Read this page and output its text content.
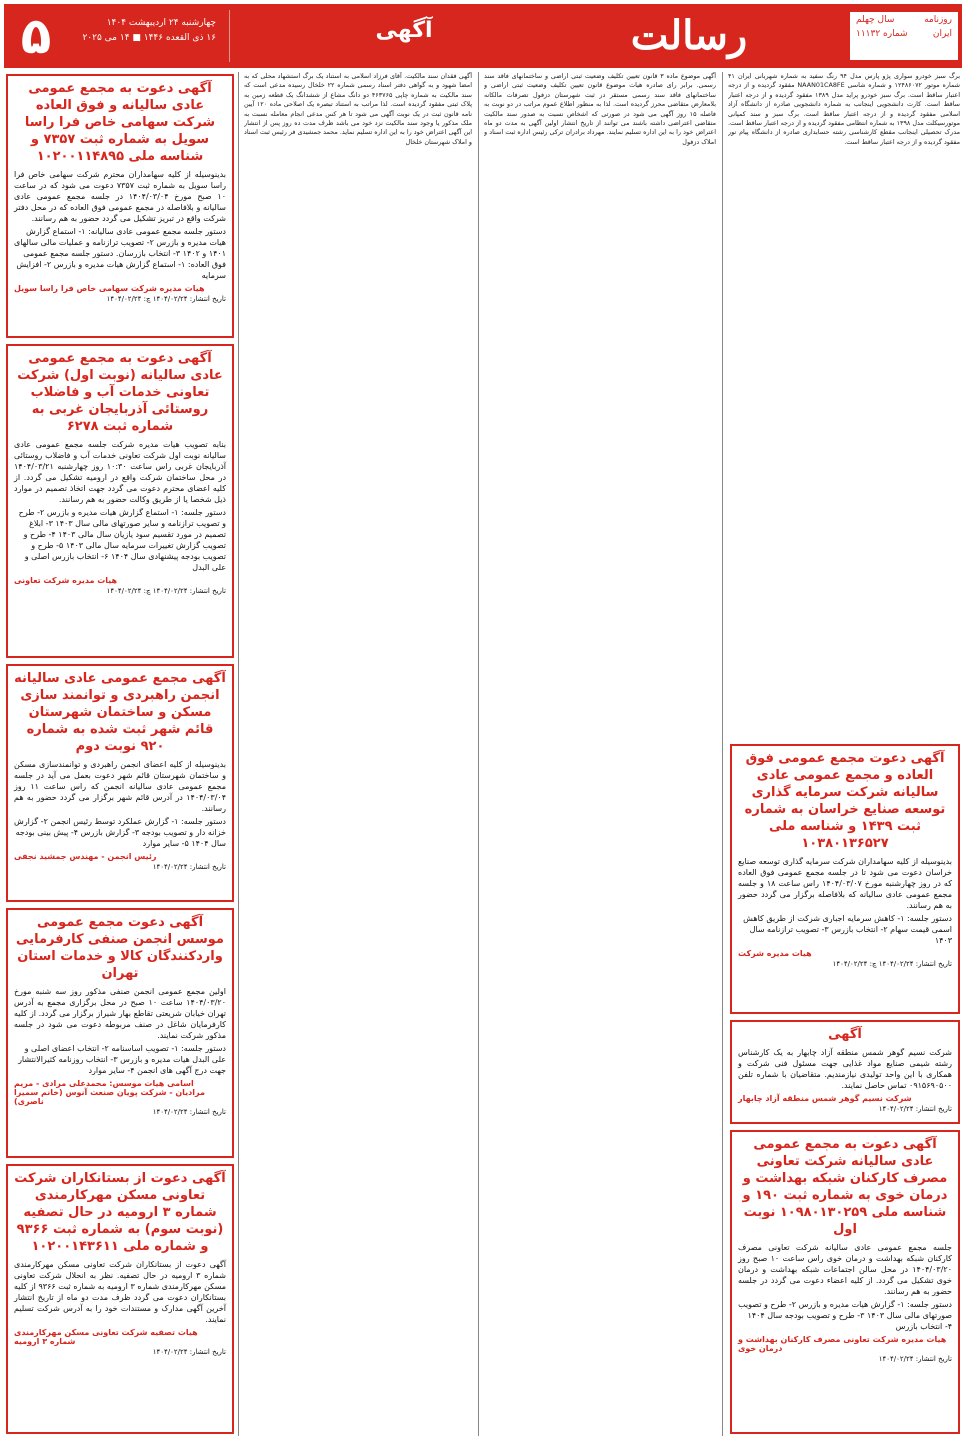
۵	چهارشنبه ۲۴ اردیبهشت ۱۴۰۴
۱۶ ذی القعده ۱۴۴۶ ■ ۱۴ می ۲۰۲۵	آگهی	رسالت	روزنامه
سال چهلم
ایران
شماره ۱۱۱۳۲
آگهی دعوت به مجمع عمومی عادی سالیانه و فوق العاده شرکت سهامی خاص فرا راسا سویل به شماره ثبت ۷۳۵۷ و شناسه ملی ۱۰۲۰۰۱۱۴۸۹۵
بدینوسیله از کلیه سهامداران محترم شرکت سهامی خاص فرا راسا سویل به شماره ثبت ۷۳۵۷ دعوت می شود که در ساعت ۱۰ صبح مورخ ۱۴۰۴/۰۳/۰۴ در جلسه مجمع عمومی عادی سالیانه و بلافاصله در مجمع عمومی فوق العاده که در محل دفتر شرکت واقع در تبریز تشکیل می گردد حضور به هم رسانند.
دستور جلسه مجمع عمومی عادی سالیانه: ۱- استماع گزارش هیات مدیره و بازرس ۲- تصویب ترازنامه و عملیات مالی سالهای ۱۴۰۱ و ۱۴۰۲ ۳- انتخاب بازرسان. دستور جلسه مجمع عمومی فوق العاده: ۱- استماع گزارش هیات مدیره و بازرس ۲- افزایش سرمایه
هیات مدیره شرکت سهامی خاص فرا راسا سویل
تاریخ انتشار: ۱۴۰۴/۰۲/۲۴ چ: ۱۴۰۴/۰۲/۲۴
آگهی دعوت به مجمع عمومی عادی سالیانه (نوبت اول) شرکت تعاونی خدمات آب و فاضلاب روستائی آذربایجان غربی به شماره ثبت ۶۲۷۸
بنابه تصویب هیات مدیره شرکت جلسه مجمع عمومی عادی سالیانه نوبت اول شرکت تعاونی خدمات آب و فاضلاب روستائی آذربایجان غربی راس ساعت ۱۰:۳۰ روز چهارشنبه ۱۴۰۴/۰۳/۲۱ در محل ساختمان شرکت واقع در ارومیه تشکیل می گردد. از کلیه اعضای محترم دعوت می گردد جهت اتخاذ تصمیم در موارد ذیل شخصا یا از طریق وکالت حضور به هم رسانند.
دستور جلسه: ۱- استماع گزارش هیات مدیره و بازرس ۲- طرح و تصویب ترازنامه و سایر صورتهای مالی سال ۱۴۰۳ ۳- ابلاغ تصمیم در مورد تقسیم سود یازیان سال مالی ۱۴۰۳ ۴- طرح و تصویب گزارش تغییرات سرمایه سال مالی ۱۴۰۳ ۵- طرح و تصویب بودجه پیشنهادی سال ۱۴۰۴ ۶- انتخاب بازرس اصلی و علی البدل
هیات مدیره شرکت تعاونی
تاریخ انتشار: ۱۴۰۴/۰۲/۲۴ چ: ۱۴۰۴/۰۲/۲۴
آگهی مجمع عمومی عادی سالیانه انجمن راهبردی و توانمند سازی مسکن و ساختمان شهرستان قائم شهر ثبت شده به شماره ۹۲۰ نوبت دوم
بدینوسیله از کلیه اعضای انجمن راهبردی و توانمندسازی مسکن و ساختمان شهرستان قائم شهر دعوت بعمل می آید در جلسه مجمع عمومی عادی سالیانه انجمن که راس ساعت ۱۱ روز ۱۴۰۴/۰۳/۰۴ در آدرس قائم شهر برگزار می گردد حضور به هم رسانند.
دستور جلسه: ۱- گزارش عملکرد توسط رئیس انجمن ۲- گزارش خزانه دار و تصویب بودجه ۳- گزارش بازرس ۴- پیش بینی بودجه سال ۱۴۰۴ ۵- سایر موارد
رئیس انجمن - مهندس جمشید نجفی
تاریخ انتشار: ۱۴۰۴/۰۲/۲۴
آگهی دعوت مجمع عمومی موسس انجمن صنفی کارفرمایی واردکنندگان کالا و خدمات استان تهران
اولین مجمع عمومی انجمن صنفی مذکور روز سه شنبه مورخ ۱۴۰۴/۰۳/۲۰ ساعت ۱۰ صبح در محل برگزاری مجمع به آدرس تهران خیابان شریعتی تقاطع بهار شیراز برگزار می گردد. از کلیه کارفرمایان شاغل در صنف مربوطه دعوت می شود در جلسه مذکور شرکت نمایند.
دستور جلسه: ۱- تصویب اساسنامه ۲- انتخاب اعضای اصلی و علی البدل هیات مدیره و بازرس ۳- انتخاب روزنامه کثیرالانتشار جهت درج آگهی های انجمن ۴- سایر موارد
اسامی هیات موسس: محمدعلی مرادی - مریم مرادیان - شرکت پویان صنعت آنوس (خانم سمیرا ناصری)
تاریخ انتشار: ۱۴۰۴/۰۲/۲۴
آگهی دعوت از بستانکاران شرکت تعاونی مسکن مهرکارمندی شماره ۳ ارومیه در حال تصفیه (نوبت سوم) به شماره ثبت ۹۳۶۶ و شماره ملی ۱۰۲۰۰۱۴۳۶۱۱
آگهی دعوت از بستانکاران شرکت تعاونی مسکن مهرکارمندی شماره ۳ ارومیه در حال تصفیه. نظر به انحلال شرکت تعاونی مسکن مهرکارمندی شماره ۳ ارومیه به شماره ثبت ۹۳۶۶ از کلیه بستانکاران دعوت می گردد ظرف مدت دو ماه از تاریخ انتشار آخرین آگهی مدارک و مستندات خود را به آدرس شرکت تسلیم نمایند.
هیات تصفیه شرکت تعاونی مسکن مهرکارمندی شماره ۳ ارومیه
تاریخ انتشار: ۱۴۰۴/۰۲/۲۴
آگهی فقدان سند مالکیت. آقای فرزاد اسلامی به استناد یک برگ استشهاد محلی که به امضا شهود و به گواهی دفتر اسناد رسمی شماره ۲۲ خلخال رسیده مدعی است که سند مالکیت به شماره چاپی ۴۶۳۷۶۵ دو دانگ مشاع از ششدانگ یک قطعه زمین به پلاک ثبتی مفقود گردیده است. لذا مراتب به استناد تبصره یک اصلاحی ماده ۱۲۰ آیین نامه قانون ثبت در یک نوبت آگهی می شود تا هر کس مدعی انجام معامله نسبت به ملک مذکور یا وجود سند مالکیت نزد خود می باشد ظرف مدت ده روز پس از انتشار این آگهی اعتراض خود را به این اداره تسلیم نماید. محمد جمشیدی فر رئیس ثبت اسناد و املاک شهرستان خلخال
آگهی موضوع ماده ۳ قانون تعیین تکلیف وضعیت ثبتی اراضی و ساختمانهای فاقد سند رسمی. برابر رای صادره هیات موضوع قانون تعیین تکلیف وضعیت ثبتی اراضی و ساختمانهای فاقد سند رسمی مستقر در ثبت شهرستان دزفول تصرفات مالکانه بلامعارض متقاضی محرز گردیده است. لذا به منظور اطلاع عموم مراتب در دو نوبت به فاصله ۱۵ روز آگهی می شود در صورتی که اشخاص نسبت به صدور سند مالکیت متقاضی اعتراضی داشته باشند می توانند از تاریخ انتشار اولین آگهی به مدت دو ماه اعتراض خود را به این اداره تسلیم نمایند. مهرداد برادران ترکی رئیس اداره ثبت اسناد و املاک دزفول
برگ سبز خودرو سواری پژو پارس مدل ۹۴ رنگ سفید به شماره شهربانی ایران ۴۱ شماره موتور ۱۲۴۸۶۰۷۲ و شماره شاسی NAAN01CA8FE مفقود گردیده و از درجه اعتبار ساقط است. برگ سبز خودرو پراید مدل ۱۳۸۹ مفقود گردیده و از درجه اعتبار ساقط است. کارت دانشجویی اینجانب به شماره دانشجویی صادره از دانشگاه آزاد اسلامی مفقود گردیده و از درجه اعتبار ساقط است. برگ سبز و سند کمپانی موتورسیکلت مدل ۱۳۹۸ به شماره انتظامی مفقود گردیده و از درجه اعتبار ساقط است. مدرک تحصیلی اینجانب مقطع کارشناسی رشته حسابداری صادره از دانشگاه پیام نور مفقود گردیده و از درجه اعتبار ساقط است.
آگهی دعوت مجمع عمومی فوق العاده و مجمع عمومی عادی سالیانه شرکت سرمایه گذاری توسعه صنایع خراسان به شماره ثبت ۱۴۳۹ و شناسه ملی ۱۰۳۸۰۱۳۶۵۲۷
بدینوسیله از کلیه سهامداران شرکت سرمایه گذاری توسعه صنایع خراسان دعوت می شود تا در جلسه مجمع عمومی فوق العاده که در روز چهارشنبه مورخ ۱۴۰۴/۰۳/۰۷ راس ساعت ۱۸ و جلسه مجمع عمومی عادی سالیانه که بلافاصله برگزار می گردد حضور به هم رسانند.
دستور جلسه: ۱- کاهش سرمایه اجباری شرکت از طریق کاهش اسمی قیمت سهام ۲- انتخاب بازرس ۳- تصویب ترازنامه سال ۱۴۰۳
هیات مدیره شرکت
تاریخ انتشار: ۱۴۰۴/۰۲/۲۴ چ: ۱۴۰۴/۰۲/۲۴
آگهی
شرکت نسیم گوهر شمس منطقه آزاد چابهار به یک کارشناس رشته شیمی صنایع مواد غذایی جهت مسئول فنی شرکت و همکاری با این واحد تولیدی نیازمندیم. متقاضیان با شماره تلفن ۰۹۱۵۶۹۰۵۰۰ تماس حاصل نمایند.
شرکت نسیم گوهر شمس منطقه آزاد چابهار
تاریخ انتشار: ۱۴۰۴/۰۲/۲۴
آگهی دعوت به مجمع عمومی عادی سالیانه شرکت تعاونی مصرف کارکنان شبکه بهداشت و درمان خوی به شماره ثبت ۱۹۰ و شناسه ملی ۱۰۹۸۰۱۳۰۲۵۹ نوبت اول
جلسه مجمع عمومی عادی سالیانه شرکت تعاونی مصرف کارکنان شبکه بهداشت و درمان خوی راس ساعت ۱۰ صبح روز ۱۴۰۴/۰۳/۲۰ در محل سالن اجتماعات شبکه بهداشت و درمان خوی تشکیل می گردد. از کلیه اعضاء دعوت می گردد در جلسه حضور به هم رسانند.
دستور جلسه: ۱- گزارش هیات مدیره و بازرس ۲- طرح و تصویب صورتهای مالی سال ۱۴۰۳ ۳- طرح و تصویب بودجه سال ۱۴۰۴ ۴- انتخاب بازرس
هیات مدیره شرکت تعاونی مصرف کارکنان بهداشت و درمان خوی
تاریخ انتشار: ۱۴۰۴/۰۲/۲۴
